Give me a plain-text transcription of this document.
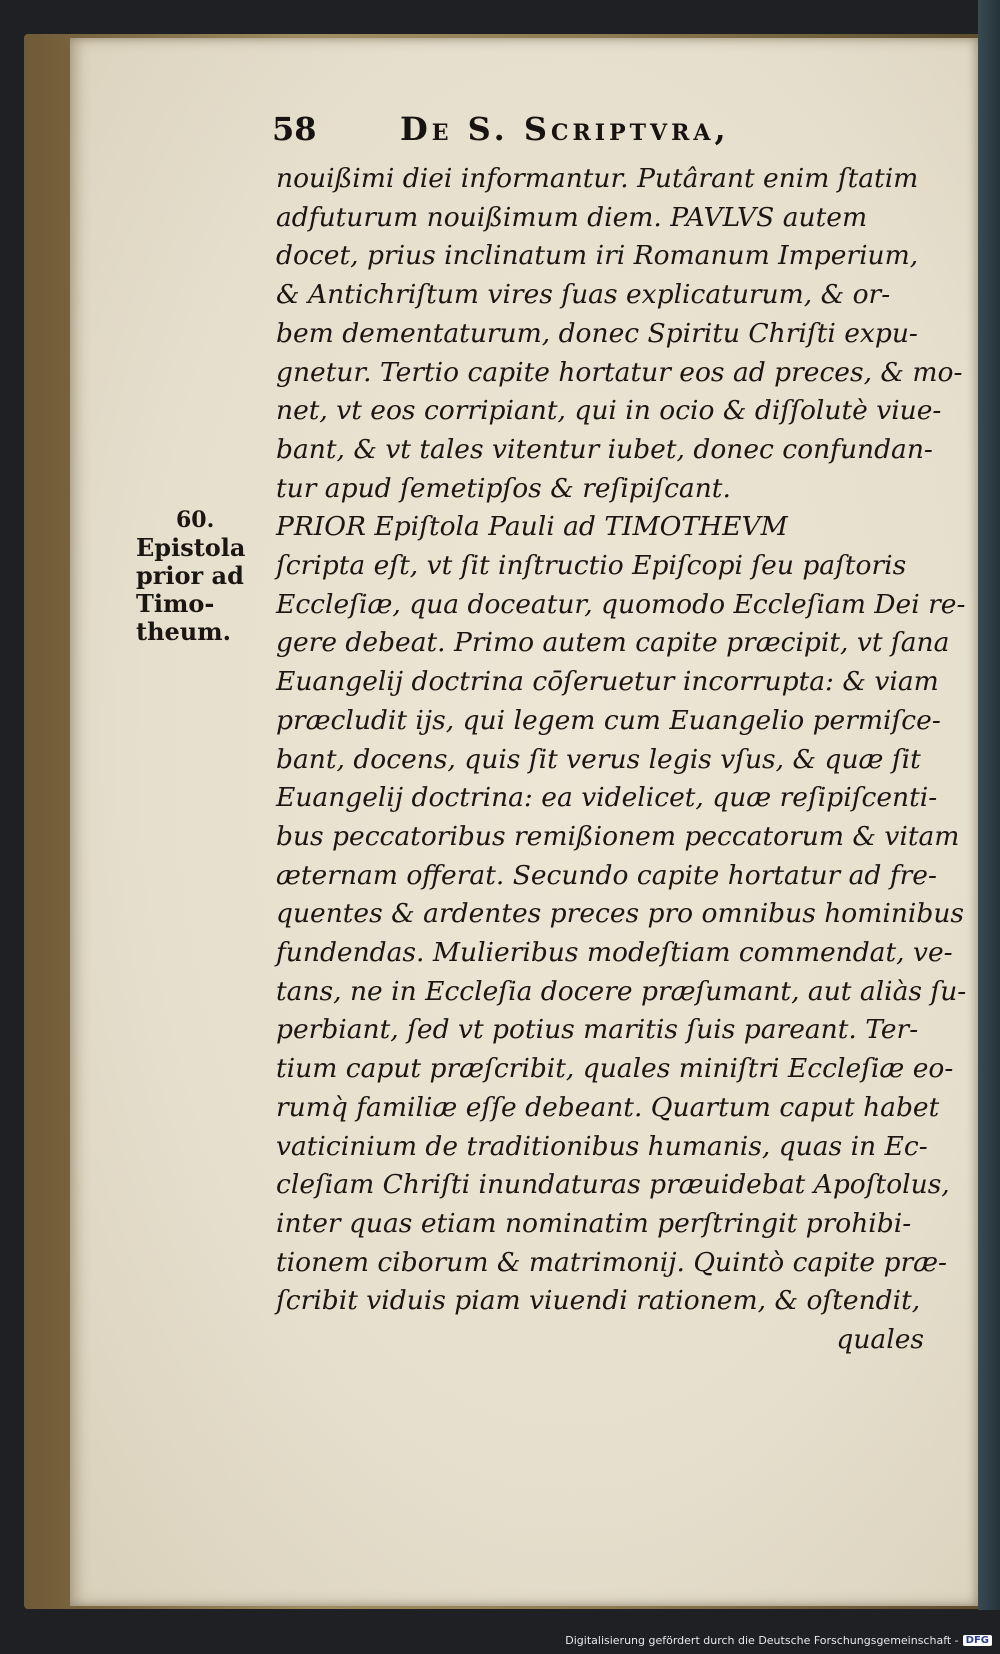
58	De S. Scriptvra,
60.
Epistola
prior ad
Timo-
theum.
nouißimi diei informantur. Putârant enim ſtatim
adfuturum nouißimum diem. PAVLVS autem
docet, prius inclinatum iri Romanum Imperium,
& Antichriſtum vires ſuas explicaturum, & or-
bem dementaturum, donec Spiritu Chriſti expu-
gnetur. Tertio capite hortatur eos ad preces, & mo-
net, vt eos corripiant, qui in ocio & diſſolutè viue-
bant, & vt tales vitentur iubet, donec confundan-
tur apud ſemetipſos & reſipiſcant.
PRIOR Epiſtola Pauli ad TIMOTHEVM
ſcripta eſt, vt ſit inſtructio Epiſcopi ſeu paſtoris
Eccleſiæ, qua doceatur, quomodo Eccleſiam Dei re-
gere debeat. Primo autem capite præcipit, vt ſana
Euangelij doctrina cōſeruetur incorrupta: & viam
præcludit ijs, qui legem cum Euangelio permiſce-
bant, docens, quis ſit verus legis vſus, & quæ ſit
Euangelij doctrina: ea videlicet, quæ reſipiſcenti-
bus peccatoribus remißionem peccatorum & vitam
æternam offerat. Secundo capite hortatur ad fre-
quentes & ardentes preces pro omnibus hominibus
fundendas. Mulieribus modeſtiam commendat, ve-
tans, ne in Eccleſia docere præſumant, aut aliàs ſu-
perbiant, ſed vt potius maritis ſuis pareant. Ter-
tium caput præſcribit, quales miniſtri Eccleſiæ eo-
rumq̀ familiæ eſſe debeant. Quartum caput habet
vaticinium de traditionibus humanis, quas in Ec-
cleſiam Chriſti inundaturas præuidebat Apoſtolus,
inter quas etiam nominatim perſtringit prohibi-
tionem ciborum & matrimonij. Quintò capite præ-
ſcribit viduis piam viuendi rationem, & oſtendit,
quales
Digitalisierung gefördert durch die Deutsche Forschungsgemeinschaft - DFG
